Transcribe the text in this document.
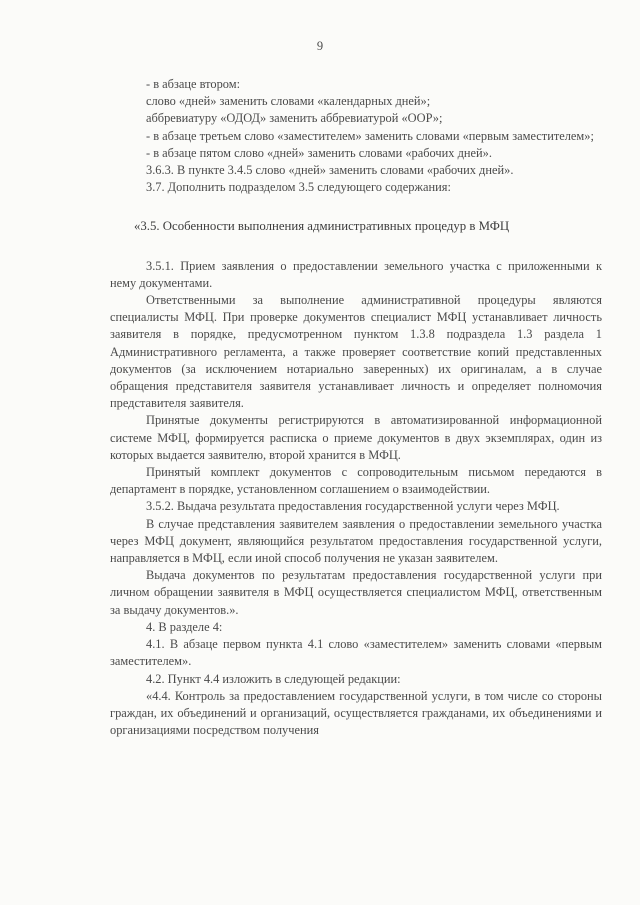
9

- в абзаце втором:

слово «дней» заменить словами «календарных дней»;

аббревиатуру «ОДОД» заменить аббревиатурой «ООР»;

- в абзаце третьем слово «заместителем» заменить словами «первым заместителем»;

- в абзаце пятом слово «дней» заменить словами «рабочих дней».

3.6.3. В пункте 3.4.5 слово «дней» заменить словами «рабочих дней».

3.7. Дополнить подразделом 3.5 следующего содержания:

«3.5. Особенности выполнения административных процедур в МФЦ

3.5.1. Прием заявления о предоставлении земельного участка с приложенными к нему документами.

Ответственными за выполнение административной процедуры являются специалисты МФЦ. При проверке документов специалист МФЦ устанавливает личность заявителя в порядке, предусмотренном пунктом 1.3.8 подраздела 1.3 раздела 1 Административного регламента, а также проверяет соответствие копий представленных документов (за исключением нотариально заверенных) их оригиналам, а в случае обращения представителя заявителя устанавливает личность и определяет полномочия представителя заявителя.

Принятые документы регистрируются в автоматизированной информационной системе МФЦ, формируется расписка о приеме документов в двух экземплярах, один из которых выдается заявителю, второй хранится в МФЦ.

Принятый комплект документов с сопроводительным письмом передаются в департамент в порядке, установленном соглашением о взаимодействии.

3.5.2. Выдача результата предоставления государственной услуги через МФЦ.

В случае представления заявителем заявления о предоставлении земельного участка через МФЦ документ, являющийся результатом предоставления государственной услуги, направляется в МФЦ, если иной способ получения не указан заявителем.

Выдача документов по результатам предоставления государственной услуги при личном обращении заявителя в МФЦ осуществляется специалистом МФЦ, ответственным за выдачу документов.».

4. В разделе 4:

4.1. В абзаце первом пункта 4.1 слово «заместителем» заменить словами «первым заместителем».

4.2. Пункт 4.4 изложить в следующей редакции:

«4.4. Контроль за предоставлением государственной услуги, в том числе со стороны граждан, их объединений и организаций, осуществляется гражданами, их объединениями и организациями посредством получения
